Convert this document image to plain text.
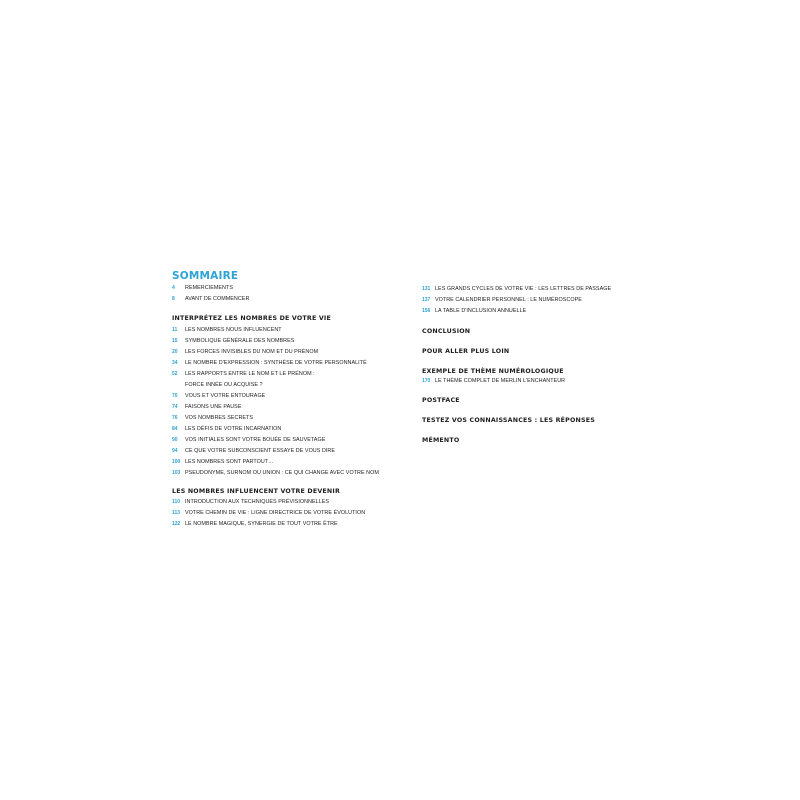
SOMMAIRE
4	REMERCIEMENTS
8	AVANT DE COMMENCER
INTERPRÉTEZ LES NOMBRES DE VOTRE VIE
11	LES NOMBRES NOUS INFLUENCENT
15	SYMBOLIQUE GÉNÉRALE DES NOMBRES
20	LES FORCES INVISIBLES DU NOM ET DU PRÉNOM
34	LE NOMBRE D'EXPRESSION : SYNTHÈSE DE VOTRE PERSONNALITÉ
52	LES RAPPORTS ENTRE LE NOM ET LE PRÉNOM :
FORCE INNÉE OU ACQUISE ?
70	VOUS ET VOTRE ENTOURAGE
74	FAISONS UNE PAUSE
76	VOS NOMBRES SECRETS
84	LES DÉFIS DE VOTRE INCARNATION
90	VOS INITIALES SONT VOTRE BOUÉE DE SAUVETAGE
94	CE QUE VOTRE SUBCONSCIENT ESSAYE DE VOUS DIRE
100 LES NOMBRES SONT PARTOUT…
103 PSEUDONYME, SURNOM OU UNION : CE QUI CHANGE AVEC VOTRE NOM
LES NOMBRES INFLUENCENT VOTRE DEVENIR
110 INTRODUCTION AUX TECHNIQUES PRÉVISIONNELLES
113 VOTRE CHEMIN DE VIE : LIGNE DIRECTRICE DE VOTRE ÉVOLUTION
122 LE NOMBRE MAGIQUE, SYNERGIE DE TOUT VOTRE ÊTRE
131 LES GRANDS CYCLES DE VOTRE VIE : LES LETTRES DE PASSAGE
137 VOTRE CALENDRIER PERSONNEL : LE NUMÉROSCOPE
156 LA TABLE D'INCLUSION ANNUELLE
CONCLUSION
POUR ALLER PLUS LOIN
EXEMPLE DE THÈME NUMÉROLOGIQUE
170 LE THÈME COMPLET DE MERLIN L'ENCHANTEUR
POSTFACE
TESTEZ VOS CONNAISSANCES : LES RÉPONSES
MÉMENTO
